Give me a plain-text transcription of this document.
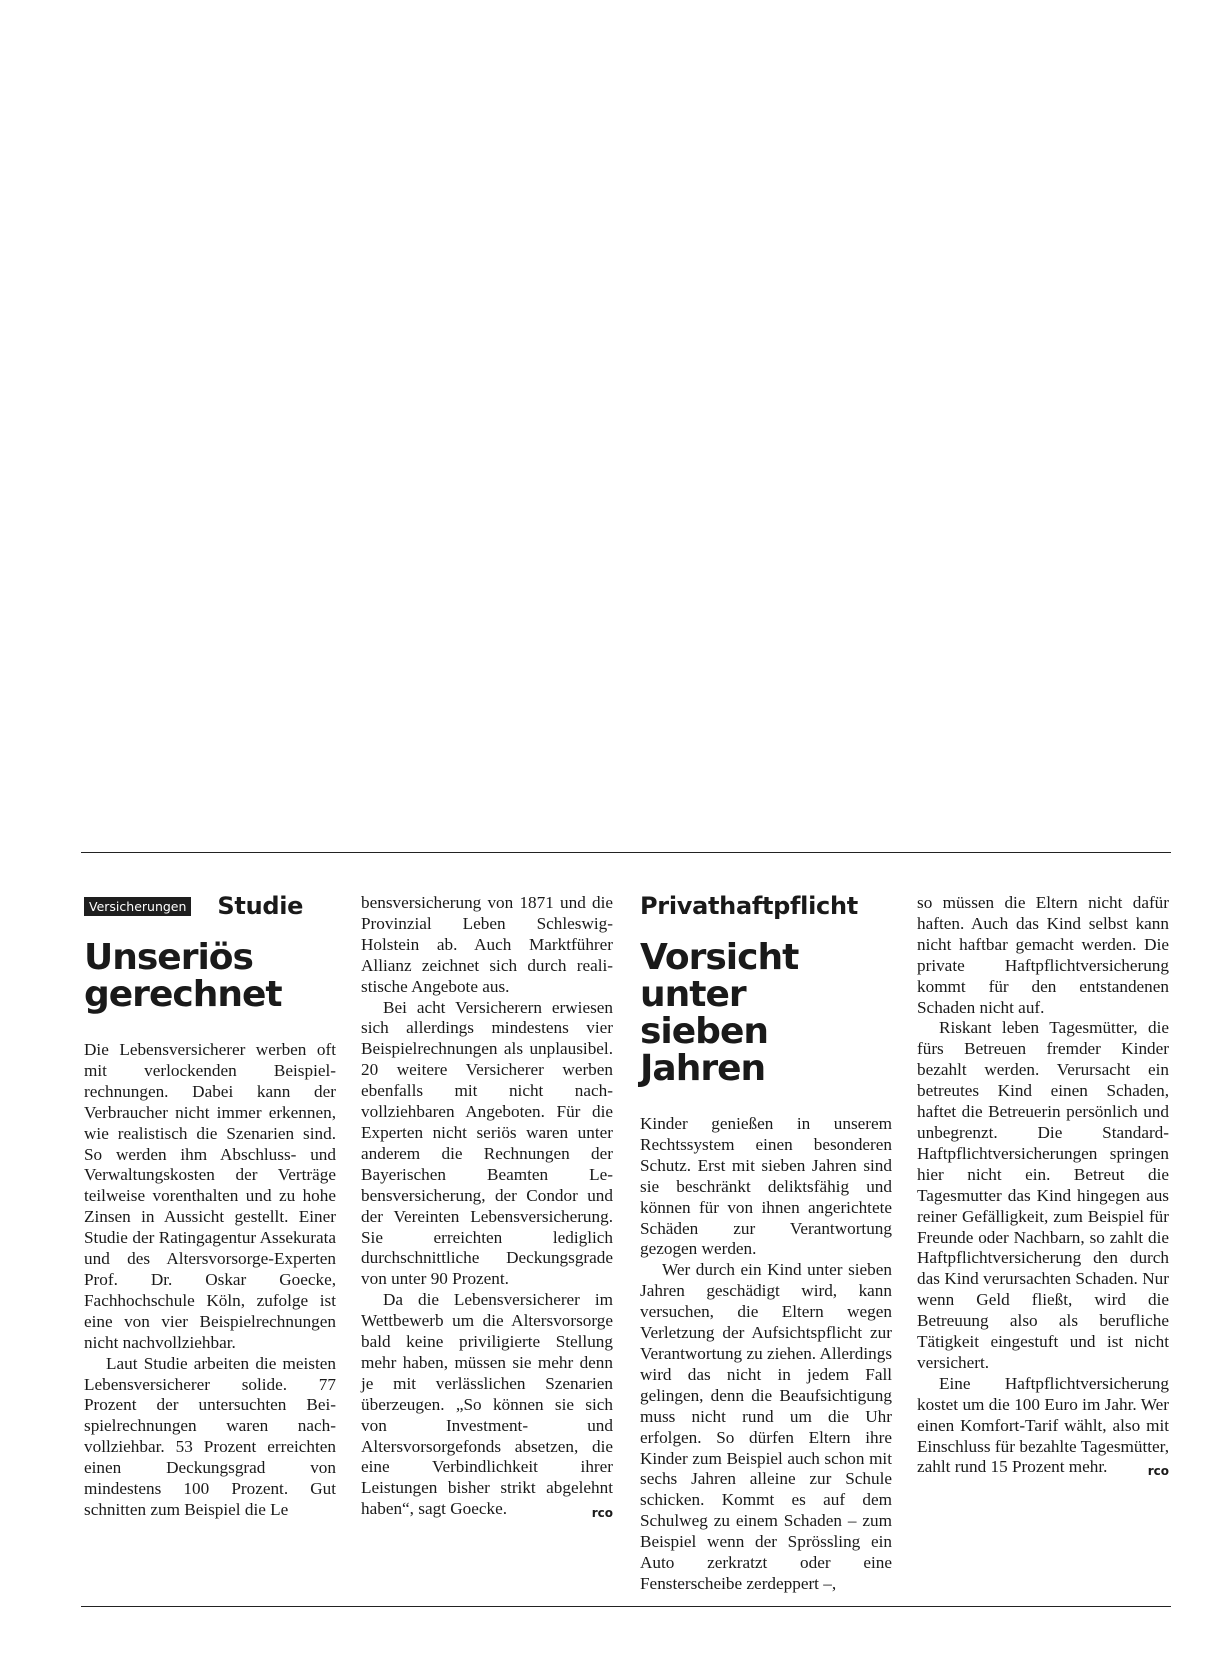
Versicherungen Studie
Unseriös
gerechnet

Die Lebensversicherer werben oft mit verlockenden Beispielrechnungen. Dabei kann der Verbraucher nicht immer erkennen, wie realistisch die Szenarien sind. So werden ihm Abschluss- und Verwaltungskosten der Verträge teilweise vorenthalten und zu hohe Zinsen in Aussicht gestellt. Einer Studie der Ratingagentur Assekurata und des Altersvorsorge-Experten Prof. Dr. Oskar Goecke, Fachhochschule Köln, zufolge ist eine von vier Beispielrechnungen nicht nachvollziehbar.

Laut Studie arbeiten die meisten Lebensversicherer solide. 77 Prozent der untersuchten Beispielrechnungen waren nachvollziehbar. 53 Prozent erreichten einen Deckungsgrad von mindestens 100 Prozent. Gut schnitten zum Beispiel die Le

bensversicherung von 1871 und die Provinzial Leben Schleswig-Holstein ab. Auch Marktführer Allianz zeichnet sich durch realistische Angebote aus.

Bei acht Versicherern erwiesen sich allerdings mindestens vier Beispielrechnungen als unplausibel. 20 weitere Versicherer werben ebenfalls mit nicht nachvollziehbaren Angeboten. Für die Experten nicht seriös waren unter anderem die Rechnungen der Bayerischen Beamten Lebensversicherung, der Condor und der Vereinten Lebensversicherung. Sie erreichten lediglich durchschnittliche Deckungsgrade von unter 90 Prozent.

Da die Lebensversicherer im Wettbewerb um die Altersvorsorge bald keine priviligierte Stellung mehr haben, müssen sie mehr denn je mit verlässlichen Szenarien überzeugen. „So können sie sich von Investment- und Altersvorsorgefonds absetzen, die eine Verbindlichkeit ihrer Leistungen bisher strikt abgelehnt haben“, sagt Goecke.	rco

Privathaftpflicht
Vorsicht unter
sieben Jahren

Kinder genießen in unserem Rechtssystem einen besonderen Schutz. Erst mit sieben Jahren sind sie beschränkt deliktsfähig und können für von ihnen angerichtete Schäden zur Verantwortung gezogen werden.

Wer durch ein Kind unter sieben Jahren geschädigt wird, kann versuchen, die Eltern wegen Verletzung der Aufsichtspflicht zur Verantwortung zu ziehen. Allerdings wird das nicht in jedem Fall gelingen, denn die Beaufsichtigung muss nicht rund um die Uhr erfolgen. So dürfen Eltern ihre Kinder zum Beispiel auch schon mit sechs Jahren alleine zur Schule schicken. Kommt es auf dem Schulweg zu einem Schaden – zum Beispiel wenn der Sprössling ein Auto zerkratzt oder eine Fensterscheibe zerdeppert –,

so müssen die Eltern nicht dafür haften. Auch das Kind selbst kann nicht haftbar gemacht werden. Die private Haftpflichtversicherung kommt für den entstandenen Schaden nicht auf.

Riskant leben Tagesmütter, die fürs Betreuen fremder Kinder bezahlt werden. Verursacht ein betreutes Kind einen Schaden, haftet die Betreuerin persönlich und unbegrenzt. Die Standard-Haftpflichtversicherungen springen hier nicht ein. Betreut die Tagesmutter das Kind hingegen aus reiner Gefälligkeit, zum Beispiel für Freunde oder Nachbarn, so zahlt die Haftpflichtversicherung den durch das Kind verursachten Schaden. Nur wenn Geld fließt, wird die Betreuung also als berufliche Tätigkeit eingestuft und ist nicht versichert.

Eine Haftpflichtversicherung kostet um die 100 Euro im Jahr. Wer einen Komfort-Tarif wählt, also mit Einschluss für bezahlte Tagesmütter, zahlt rund 15 Prozent mehr.	rco
